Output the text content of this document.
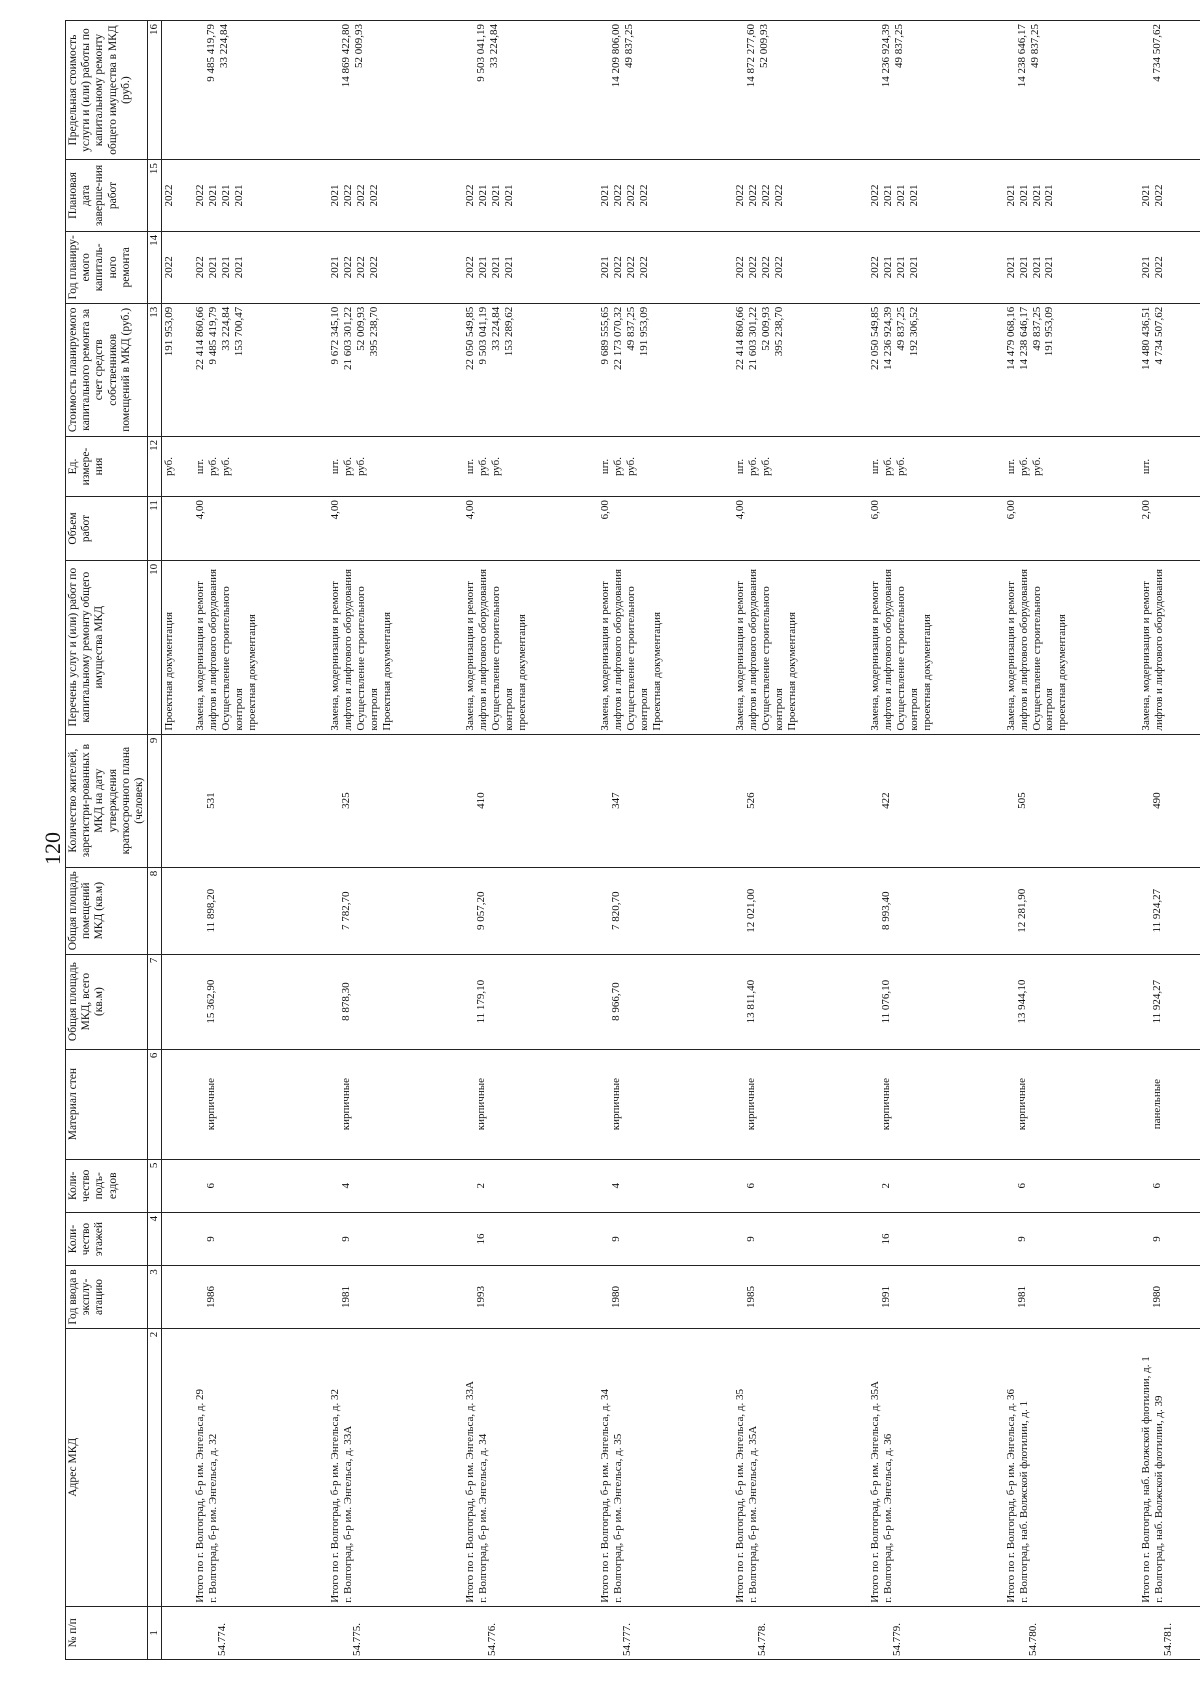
120
№ п/п	Адрес МКД	Год ввода в эксплу-атацию	Коли-чество этажей	Коли-чество подъ-ездов	Материал стен	Общая площадь МКД, всего (кв.м)	Общая площадь помещений МКД (кв.м)	Количество жителей, зарегистри-рованных в МКД на дату утверждения краткосрочного плана (человек)	Перечень услуг и (или) работ по капитальному ремонту общего имущества МКД	Объем работ	Ед. измере-ния	Стоимость планируемого капитального ремонта за счет средств собственников помещений в МКД (руб.)	Год планиру-емого капиталь-ного ремонта	Плановая дата заверше-ния работ	Предельная стоимость услуги и (или) работы по капитальному ремонту общего имущества в МКД (руб.)
1	2	3	4	5	6	7	8	9	10	11	12	13	14	15	16

									Проектная документация		руб.	191 953,09	2022	2022	

54.774.	Итого по г. Волгоград, б-р им. Энгельса, д. 29 г. Волгоград, б-р им. Энгельса, д. 32	1986	9	6	кирпичные	15 362,90	11 898,20	531	Замена, модернизация и ремонт лифтов и лифтового оборудования Осуществление строительного контроля проектная документация	4,00	шт. руб. руб.	22 414 860,66 9 485 419,79 33 224,84 153 700,47	2022 2021 2021 2021	2022 2021 2021 2021	9 485 419,79 33 224,84

54.775.	Итого по г. Волгоград, б-р им. Энгельса, д. 32 г. Волгоград, б-р им. Энгельса, д. 33А	1981	9	4	кирпичные	8 878,30	7 782,70	325	Замена, модернизация и ремонт лифтов и лифтового оборудования Осуществление строительного контроля Проектная документация	4,00	шт. руб. руб.	9 672 345,10 21 603 301,22 52 009,93 395 238,70	2021 2022 2022 2022	2021 2022 2022 2022	14 869 422,80 52 009,93

54.776.	Итого по г. Волгоград, б-р им. Энгельса, д. 33А г. Волгоград, б-р им. Энгельса, д. 34	1993	16	2	кирпичные	11 179,10	9 057,20	410	Замена, модернизация и ремонт лифтов и лифтового оборудования Осуществление строительного контроля проектная документация	4,00	шт. руб. руб.	22 050 549,85 9 503 041,19 33 224,84 153 289,62	2022 2021 2021 2021	2022 2021 2021 2021	9 503 041,19 33 224,84

54.777.	Итого по г. Волгоград, б-р им. Энгельса, д. 34 г. Волгоград, б-р им. Энгельса, д. 35	1980	9	4	кирпичные	8 966,70	7 820,70	347	Замена, модернизация и ремонт лифтов и лифтового оборудования Осуществление строительного контроля Проектная документация	6,00	шт. руб. руб.	9 689 555,65 22 173 070,32 49 837,25 191 953,09	2021 2022 2022 2022	2021 2022 2022 2022	14 209 806,00 49 837,25

54.778.	Итого по г. Волгоград, б-р им. Энгельса, д. 35 г. Волгоград, б-р им. Энгельса, д. 35А	1985	9	6	кирпичные	13 811,40	12 021,00	526	Замена, модернизация и ремонт лифтов и лифтового оборудования Осуществление строительного контроля Проектная документация	4,00	шт. руб. руб.	22 414 860,66 21 603 301,22 52 009,93 395 238,70	2022 2022 2022 2022	2022 2022 2022 2022	14 872 277,60 52 009,93

54.779.	Итого по г. Волгоград, б-р им. Энгельса, д. 35А г. Волгоград, б-р им. Энгельса, д. 36	1991	16	2	кирпичные	11 076,10	8 993,40	422	Замена, модернизация и ремонт лифтов и лифтового оборудования Осуществление строительного контроля проектная документация	6,00	шт. руб. руб.	22 050 549,85 14 236 924,39 49 837,25 192 306,52	2022 2021 2021 2021	2022 2021 2021 2021	14 236 924,39 49 837,25

54.780.	Итого по г. Волгоград, б-р им. Энгельса, д. 36 г. Волгоград, наб. Волжской флотилии, д. 1	1981	9	6	кирпичные	13 944,10	12 281,90	505	Замена, модернизация и ремонт лифтов и лифтового оборудования Осуществление строительного контроля проектная документация	6,00	шт. руб. руб.	14 479 068,16 14 238 646,17 49 837,25 191 953,09	2021 2021 2021 2021	2021 2021 2021 2021	14 238 646,17 49 837,25

54.781.	Итого по г. Волгоград, наб. Волжской флотилии, д. 1 г. Волгоград, наб. Волжской флотилии, д. 39	1980	9	6	панельные	11 924,27	11 924,27	490	Замена, модернизация и ремонт лифтов и лифтового оборудования	2,00	шт.	14 480 436,51 4 734 507,62	2021 2022	2021 2022	4 734 507,62
